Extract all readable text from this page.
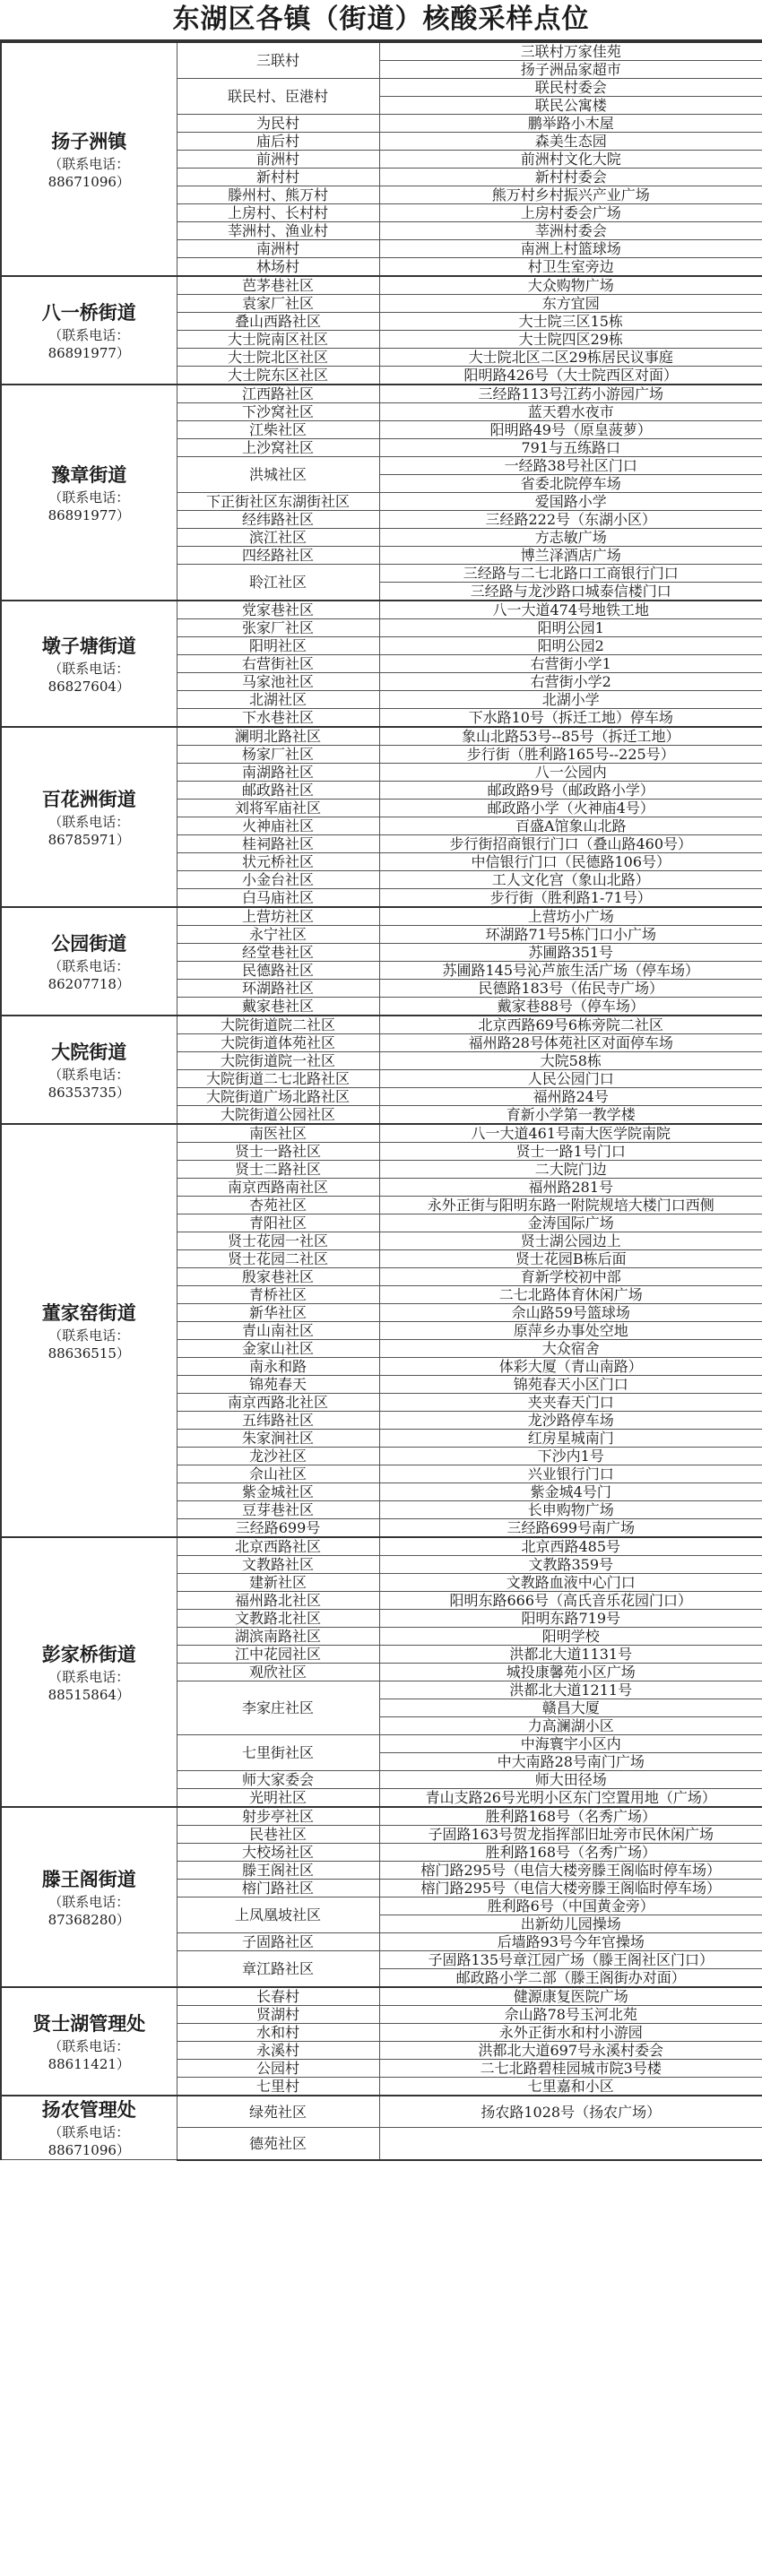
东湖区各镇（街道）核酸采样点位
扬子洲镇
（联系电话：
88671096）	三联村	三联村万家佳苑
		扬子洲品家超市
	联民村、臣港村	联民村委会
		联民公寓楼
	为民村	鹏举路小木屋
	庙后村	森美生态园
	前洲村	前洲村文化大院
	新村村	新村村委会
	滕州村、熊万村	熊万村乡村振兴产业广场
	上房村、长村村	上房村委会广场
	莘洲村、渔业村	莘洲村委会
	南洲村	南洲上村篮球场
	林场村	村卫生室旁边

八一桥街道
（联系电话：
86891977）	芭茅巷社区	大众购物广场
	袁家厂社区	东方宜园
	叠山西路社区	大士院三区15栋
	大士院南区社区	大士院四区29栋
	大士院北区社区	大士院北区二区29栋居民议事庭
	大士院东区社区	阳明路426号（大士院西区对面）

豫章街道
（联系电话：
86891977）	江西路社区	三经路113号江药小游园广场
	下沙窝社区	蓝天碧水夜市
	江柴社区	阳明路49号（原皇菠萝）
	上沙窝社区	791与五练路口
	洪城社区	一经路38号社区门口
		省委北院停车场
	下正街社区东湖街社区	爱国路小学
	经纬路社区	三经路222号（东湖小区）
	滨江社区	方志敏广场
	四经路社区	博兰泽酒店广场
	聆江社区	三经路与二七北路口工商银行门口
		三经路与龙沙路口城泰信楼门口

墩子塘街道
（联系电话：
86827604）	党家巷社区	八一大道474号地铁工地
	张家厂社区	阳明公园1
	阳明社区	阳明公园2
	右营街社区	右营街小学1
	马家池社区	右营街小学2
	北湖社区	北湖小学
	下水巷社区	下水路10号（拆迁工地）停车场

百花洲街道
（联系电话：
86785971）	澜明北路社区	象山北路53号--85号（拆迁工地）
	杨家厂社区	步行街（胜利路165号--225号）
	南湖路社区	八一公园内
	邮政路社区	邮政路9号（邮政路小学）
	刘将军庙社区	邮政路小学（火神庙4号）
	火神庙社区	百盛A馆象山北路
	桂祠路社区	步行街招商银行门口（叠山路460号）
	状元桥社区	中信银行门口（民德路106号）
	小金台社区	工人文化宫（象山北路）
	白马庙社区	步行街（胜利路1-71号）

公园街道
（联系电话：
86207718）	上营坊社区	上营坊小广场
	永宁社区	环湖路71号5栋门口小广场
	经堂巷社区	苏圃路351号
	民德路社区	苏圃路145号沁芦旅生活广场（停车场）
	环湖路社区	民德路183号（佑民寺广场）
	戴家巷社区	戴家巷88号（停车场）

大院街道
（联系电话：
86353735）	大院街道院二社区	北京西路69号6栋旁院二社区
	大院街道体苑社区	福州路28号体苑社区对面停车场
	大院街道院一社区	大院58栋
	大院街道二七北路社区	人民公园门口
	大院街道广场北路社区	福州路24号
	大院街道公园社区	育新小学第一教学楼

董家窑街道
（联系电话：
88636515）	南医社区	八一大道461号南大医学院南院
	贤士一路社区	贤士一路1号门口
	贤士二路社区	二大院门边
	南京西路南社区	福州路281号
	杏苑社区	永外正街与阳明东路一附院规培大楼门口西侧
	青阳社区	金涛国际广场
	贤士花园一社区	贤士湖公园边上
	贤士花园二社区	贤士花园B栋后面
	殷家巷社区	育新学校初中部
	青桥社区	二七北路体育休闲广场
	新华社区	佘山路59号篮球场
	青山南社区	原萍乡办事处空地
	金家山社区	大众宿舍
	南永和路	体彩大厦（青山南路）
	锦苑春天	锦苑春天小区门口
	南京西路北社区	夹夹春天门口
	五纬路社区	龙沙路停车场
	朱家涧社区	红房星城南门
	龙沙社区	下沙内1号
	佘山社区	兴业银行门口
	紫金城社区	紫金城4号门
	豆芽巷社区	长申购物广场
	三经路699号	三经路699号南广场

彭家桥街道
（联系电话：
88515864）	北京西路社区	北京西路485号
	文教路社区	文教路359号
	建新社区	文教路血液中心门口
	福州路北社区	阳明东路666号（高氏音乐花园门口）
	文教路北社区	阳明东路719号
	湖滨南路社区	阳明学校
	江中花园社区	洪都北大道1131号
	观欣社区	城投康馨苑小区广场
	李家庄社区	洪都北大道1211号
		赣昌大厦
		力高澜湖小区
	七里街社区	中海寰宇小区内
		中大南路28号南门广场
	师大家委会	师大田径场
	光明社区	青山支路26号光明小区东门空置用地（广场）

滕王阁街道
（联系电话：
87368280）	射步亭社区	胜利路168号（名秀广场）
	民巷社区	子固路163号贺龙指挥部旧址旁市民休闲广场
	大校场社区	胜利路168号（名秀广场）
	滕王阁社区	榕门路295号（电信大楼旁滕王阁临时停车场）
	榕门路社区	榕门路295号（电信大楼旁滕王阁临时停车场）
	上凤凰坡社区	胜利路6号（中国黄金旁）
		出新幼儿园操场
	子固路社区	后墙路93号今年官操场
	章江路社区	子固路135号章江园广场（滕王阁社区门口）
		邮政路小学二部（滕王阁街办对面）

贤士湖管理处
（联系电话：
88611421）	长春村	健源康复医院广场
	贤湖村	佘山路78号玉河北苑
	水和村	永外正街水和村小游园
	永溪村	洪都北大道697号永溪村委会
	公园村	二七北路碧桂园城市院3号楼
	七里村	七里嘉和小区

扬农管理处
（联系电话：
88671096）	绿苑社区	扬农路1028号（扬农广场）
	德苑社区	
